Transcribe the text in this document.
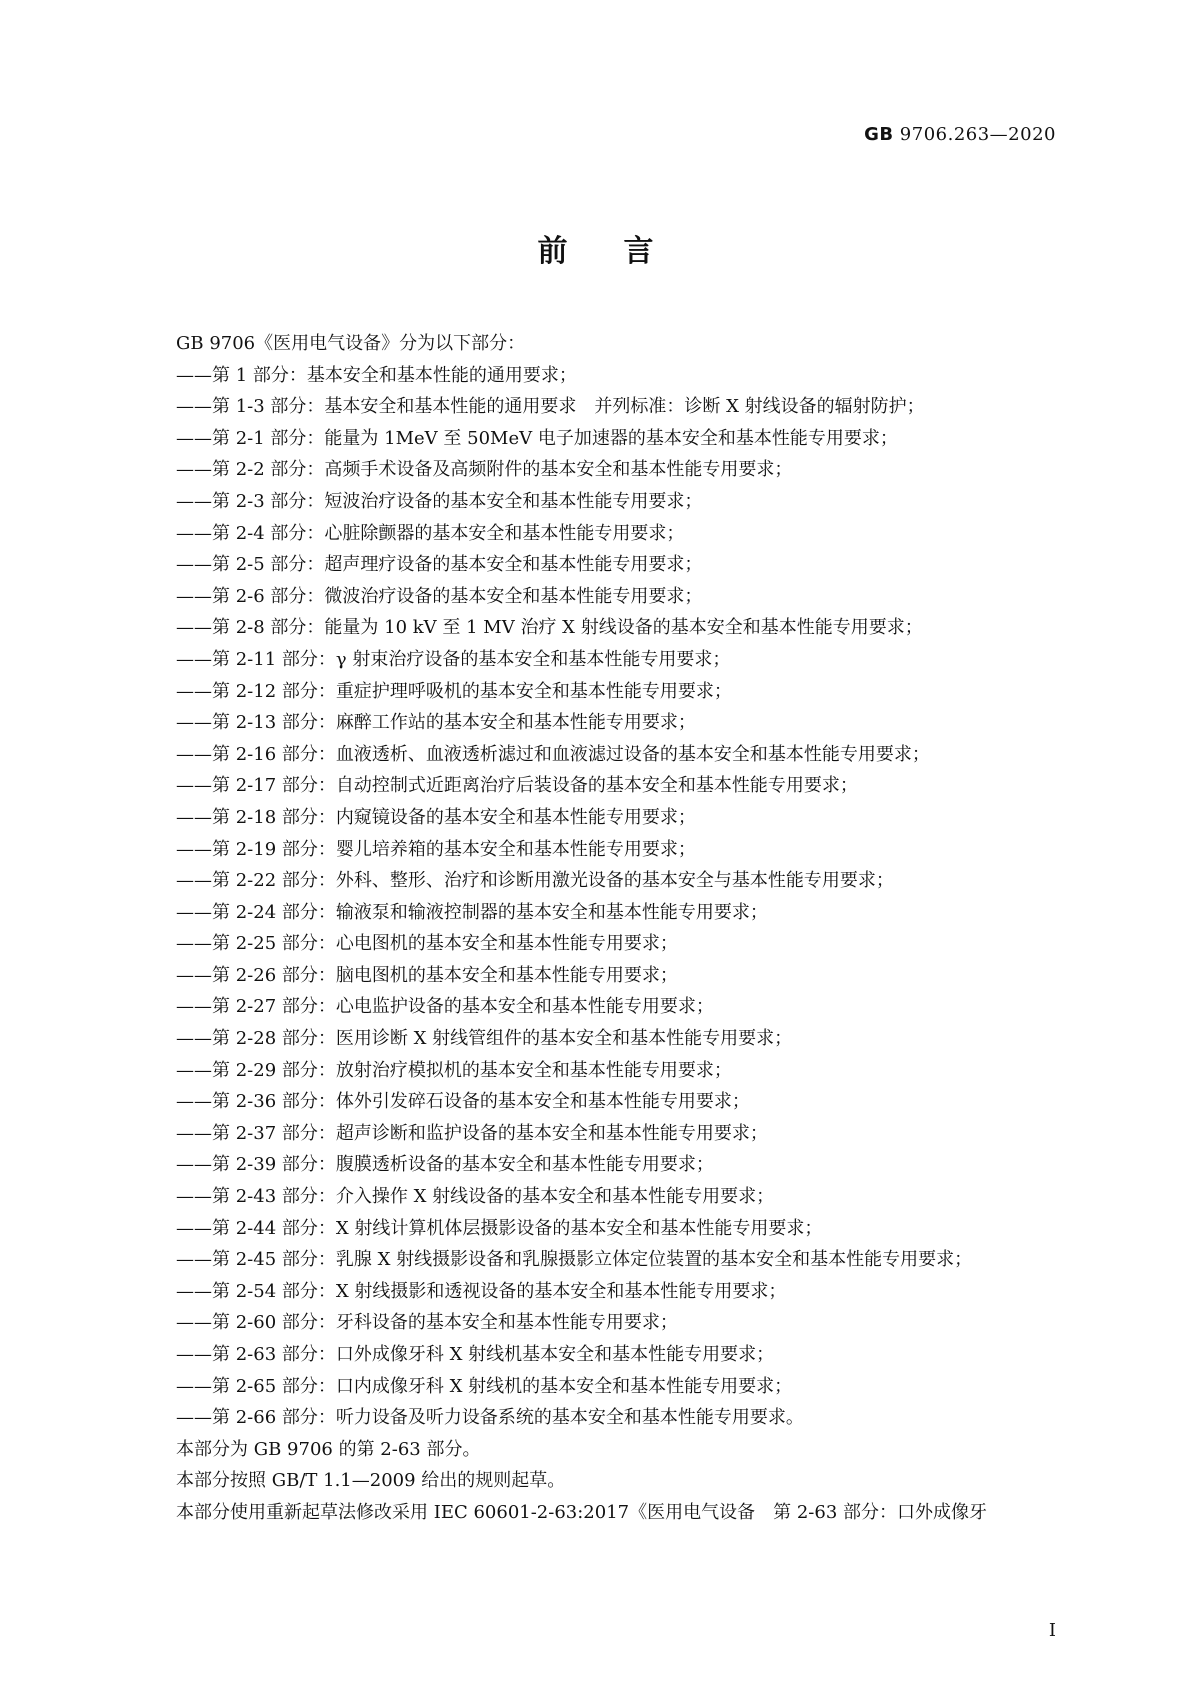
GB 9706.263—2020
前言
GB 9706《医用电气设备》分为以下部分：
——第 1 部分：基本安全和基本性能的通用要求；
——第 1-3 部分：基本安全和基本性能的通用要求　并列标准：诊断 X 射线设备的辐射防护；
——第 2-1 部分：能量为 1MeV 至 50MeV 电子加速器的基本安全和基本性能专用要求；
——第 2-2 部分：高频手术设备及高频附件的基本安全和基本性能专用要求；
——第 2-3 部分：短波治疗设备的基本安全和基本性能专用要求；
——第 2-4 部分：心脏除颤器的基本安全和基本性能专用要求；
——第 2-5 部分：超声理疗设备的基本安全和基本性能专用要求；
——第 2-6 部分：微波治疗设备的基本安全和基本性能专用要求；
——第 2-8 部分：能量为 10 kV 至 1 MV 治疗 X 射线设备的基本安全和基本性能专用要求；
——第 2-11 部分：γ 射束治疗设备的基本安全和基本性能专用要求；
——第 2-12 部分：重症护理呼吸机的基本安全和基本性能专用要求；
——第 2-13 部分：麻醉工作站的基本安全和基本性能专用要求；
——第 2-16 部分：血液透析、血液透析滤过和血液滤过设备的基本安全和基本性能专用要求；
——第 2-17 部分：自动控制式近距离治疗后装设备的基本安全和基本性能专用要求；
——第 2-18 部分：内窥镜设备的基本安全和基本性能专用要求；
——第 2-19 部分：婴儿培养箱的基本安全和基本性能专用要求；
——第 2-22 部分：外科、整形、治疗和诊断用激光设备的基本安全与基本性能专用要求；
——第 2-24 部分：输液泵和输液控制器的基本安全和基本性能专用要求；
——第 2-25 部分：心电图机的基本安全和基本性能专用要求；
——第 2-26 部分：脑电图机的基本安全和基本性能专用要求；
——第 2-27 部分：心电监护设备的基本安全和基本性能专用要求；
——第 2-28 部分：医用诊断 X 射线管组件的基本安全和基本性能专用要求；
——第 2-29 部分：放射治疗模拟机的基本安全和基本性能专用要求；
——第 2-36 部分：体外引发碎石设备的基本安全和基本性能专用要求；
——第 2-37 部分：超声诊断和监护设备的基本安全和基本性能专用要求；
——第 2-39 部分：腹膜透析设备的基本安全和基本性能专用要求；
——第 2-43 部分：介入操作 X 射线设备的基本安全和基本性能专用要求；
——第 2-44 部分：X 射线计算机体层摄影设备的基本安全和基本性能专用要求；
——第 2-45 部分：乳腺 X 射线摄影设备和乳腺摄影立体定位装置的基本安全和基本性能专用要求；
——第 2-54 部分：X 射线摄影和透视设备的基本安全和基本性能专用要求；
——第 2-60 部分：牙科设备的基本安全和基本性能专用要求；
——第 2-63 部分：口外成像牙科 X 射线机基本安全和基本性能专用要求；
——第 2-65 部分：口内成像牙科 X 射线机的基本安全和基本性能专用要求；
——第 2-66 部分：听力设备及听力设备系统的基本安全和基本性能专用要求。
本部分为 GB 9706 的第 2-63 部分。
本部分按照 GB/T 1.1—2009 给出的规则起草。
本部分使用重新起草法修改采用 IEC 60601-2-63:2017《医用电气设备　第 2-63 部分：口外成像牙
I
